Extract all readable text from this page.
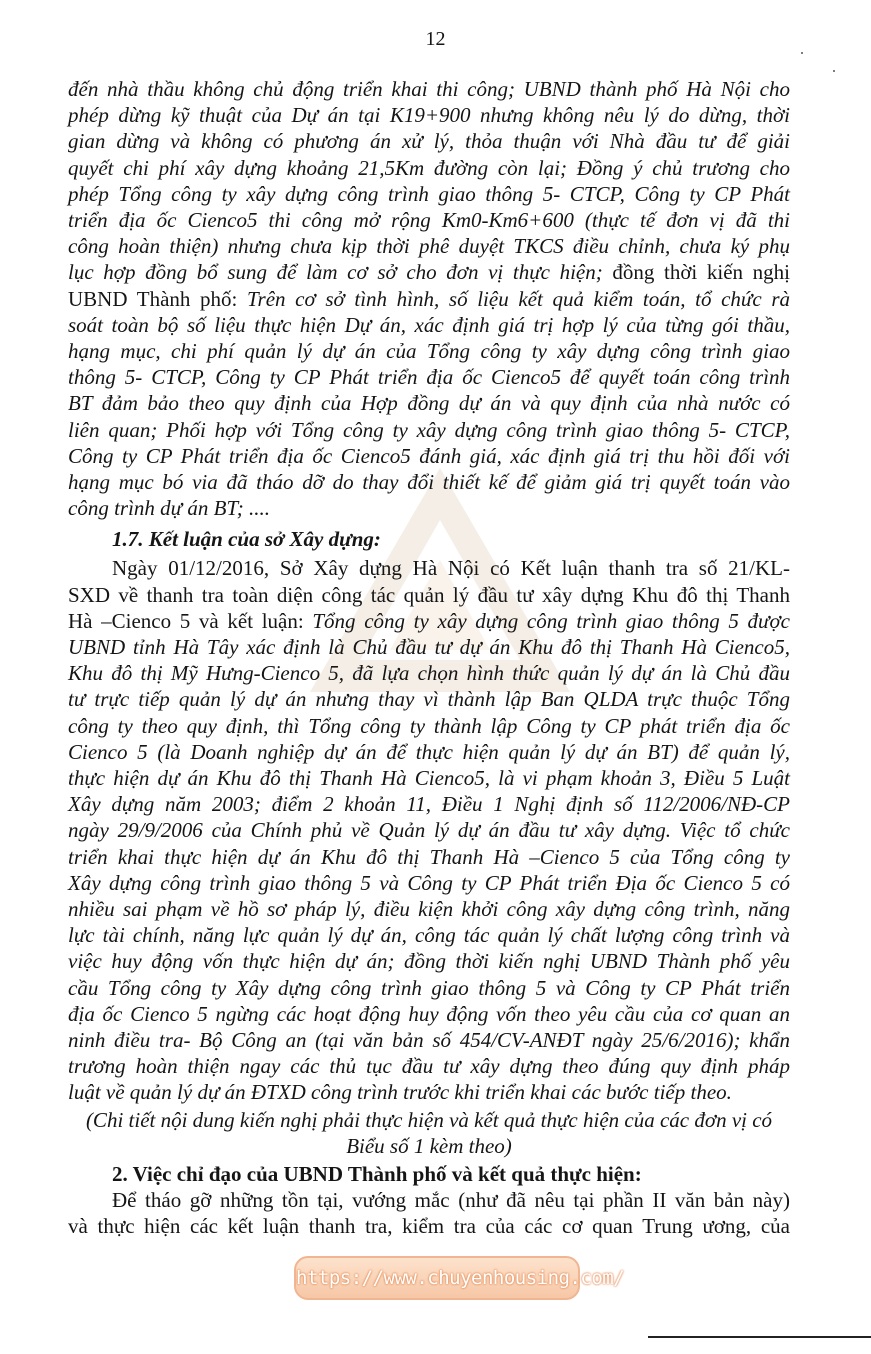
12
đến nhà thầu không chủ động triển khai thi công; UBND thành phố Hà Nội cho
phép dừng kỹ thuật của Dự án tại K19+900 nhưng không nêu lý do dừng, thời
gian dừng và không có phương án xử lý, thỏa thuận với Nhà đầu tư để giải
quyết chi phí xây dựng khoảng 21,5Km đường còn lại; Đồng ý chủ trương cho
phép Tổng công ty xây dựng công trình giao thông 5- CTCP, Công ty CP Phát
triển địa ốc Cienco5 thi công mở rộng Km0-Km6+600 (thực tế đơn vị đã thi
công hoàn thiện) nhưng chưa kịp thời phê duyệt TKCS điều chỉnh, chưa ký phụ
lục hợp đồng bổ sung để làm cơ sở cho đơn vị thực hiện; đồng thời kiến nghị
UBND Thành phố: Trên cơ sở tình hình, số liệu kết quả kiểm toán, tổ chức rà
soát toàn bộ số liệu thực hiện Dự án, xác định giá trị hợp lý của từng gói thầu,
hạng mục, chi phí quản lý dự án của Tổng công ty xây dựng công trình giao
thông 5- CTCP, Công ty CP Phát triển địa ốc Cienco5 để quyết toán công trình
BT đảm bảo theo quy định của Hợp đồng dự án và quy định của nhà nước có
liên quan; Phối hợp với Tổng công ty xây dựng công trình giao thông 5- CTCP,
Công ty CP Phát triển địa ốc Cienco5 đánh giá, xác định giá trị thu hồi đối với
hạng mục bó via đã tháo dỡ do thay đổi thiết kế để giảm giá trị quyết toán vào
công trình dự án BT; ....
1.7. Kết luận của sở Xây dựng:
Ngày 01/12/2016, Sở Xây dựng Hà Nội có Kết luận thanh tra số 21/KL-
SXD về thanh tra toàn diện công tác quản lý đầu tư xây dựng Khu đô thị Thanh
Hà –Cienco 5 và kết luận: Tổng công ty xây dựng công trình giao thông 5 được
UBND tỉnh Hà Tây xác định là Chủ đầu tư dự án Khu đô thị Thanh Hà Cienco5,
Khu đô thị Mỹ Hưng-Cienco 5, đã lựa chọn hình thức quản lý dự án là Chủ đầu
tư trực tiếp quản lý dự án nhưng thay vì thành lập Ban QLDA trực thuộc Tổng
công ty theo quy định, thì Tổng công ty thành lập Công ty CP phát triển địa ốc
Cienco 5 (là Doanh nghiệp dự án để thực hiện quản lý dự án BT) để quản lý,
thực hiện dự án Khu đô thị Thanh Hà Cienco5, là vi phạm khoản 3, Điều 5 Luật
Xây dựng năm 2003; điểm 2 khoản 11, Điều 1 Nghị định số 112/2006/NĐ-CP
ngày 29/9/2006 của Chính phủ về Quản lý dự án đầu tư xây dựng. Việc tổ chức
triển khai thực hiện dự án Khu đô thị Thanh Hà –Cienco 5 của Tổng công ty
Xây dựng công trình giao thông 5 và Công ty CP Phát triển Địa ốc Cienco 5 có
nhiều sai phạm về hồ sơ pháp lý, điều kiện khởi công xây dựng công trình, năng
lực tài chính, năng lực quản lý dự án, công tác quản lý chất lượng công trình và
việc huy động vốn thực hiện dự án; đồng thời kiến nghị UBND Thành phố yêu
cầu Tổng công ty Xây dựng công trình giao thông 5 và Công ty CP Phát triển
địa ốc Cienco 5 ngừng các hoạt động huy động vốn theo yêu cầu của cơ quan an
ninh điều tra- Bộ Công an (tại văn bản số 454/CV-ANĐT ngày 25/6/2016); khẩn
trương hoàn thiện ngay các thủ tục đầu tư xây dựng theo đúng quy định pháp
luật về quản lý dự án ĐTXD công trình trước khi triển khai các bước tiếp theo.
(Chi tiết nội dung kiến nghị phải thực hiện và kết quả thực hiện của các đơn vị có
Biểu số 1 kèm theo)
2. Việc chỉ đạo của UBND Thành phố và kết quả thực hiện:
Để tháo gỡ những tồn tại, vướng mắc (như đã nêu tại phần II văn bản này)
và thực hiện các kết luận thanh tra, kiểm tra của các cơ quan Trung ương, của
https://www.chuyenhousing.com/
